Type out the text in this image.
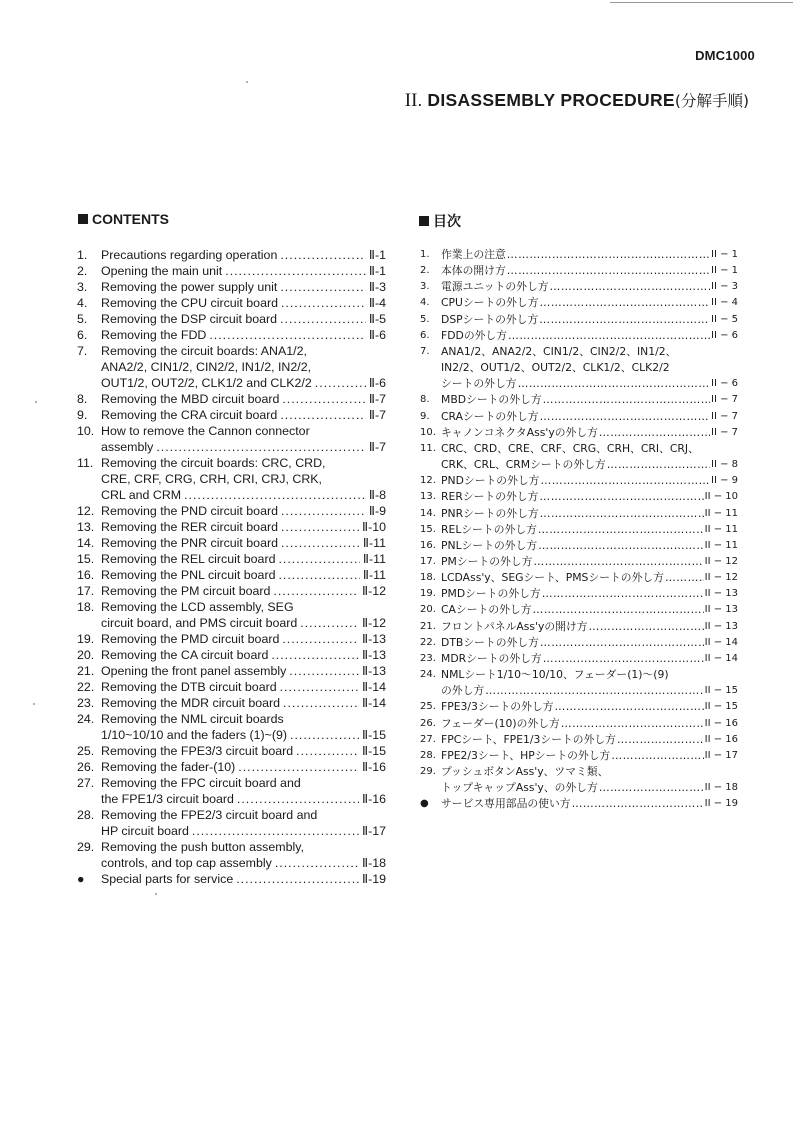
DMC1000
II. DISASSEMBLY PROCEDURE(分解手順)
CONTENTS	目次
1.	Precautions regarding operation .....	Ⅱ-1
2.	Opening the main unit .....	Ⅱ-1
3.	Removing the power supply unit .....	Ⅱ-3
4.	Removing the CPU circuit board .....	Ⅱ-4
5.	Removing the DSP circuit board .....	Ⅱ-5
6.	Removing the FDD .....	Ⅱ-6
7.	Removing the circuit boards: ANA1/2,
ANA2/2, CIN1/2, CIN2/2, IN1/2, IN2/2,
OUT1/2, OUT2/2, CLK1/2 and CLK2/2 .....	Ⅱ-6
8.	Removing the MBD circuit board .....	Ⅱ-7
9.	Removing the CRA circuit board .....	Ⅱ-7
10. How to remove the Cannon connector
assembly .....	Ⅱ-7
11. Removing the circuit boards: CRC, CRD,
CRE, CRF, CRG, CRH, CRI, CRJ, CRK,
CRL and CRM .....	Ⅱ-8
12. Removing the PND circuit board .....	Ⅱ-9
13. Removing the RER circuit board .....	Ⅱ-10
14. Removing the PNR circuit board .....	Ⅱ-11
15. Removing the REL circuit board .....	Ⅱ-11
16. Removing the PNL circuit board .....	Ⅱ-11
17. Removing the PM circuit board .....	Ⅱ-12
18. Removing the LCD assembly, SEG
circuit board, and PMS circuit board .....	Ⅱ-12
19. Removing the PMD circuit board .....	Ⅱ-13
20. Removing the CA circuit board .....	Ⅱ-13
21. Opening the front panel assembly .....	Ⅱ-13
22. Removing the DTB circuit board .....	Ⅱ-14
23. Removing the MDR circuit board .....	Ⅱ-14
24. Removing the NML circuit boards
1/10~10/10 and the faders (1)~(9) .....	Ⅱ-15
25. Removing the FPE3/3 circuit board .....	Ⅱ-15
26. Removing the fader-(10) .....	Ⅱ-16
27. Removing the FPC circuit board and
the FPE1/3 circuit board .....	Ⅱ-16
28. Removing the FPE2/3 circuit board and
HP circuit board .....	Ⅱ-17
29. Removing the push button assembly,
controls, and top cap assembly .....	Ⅱ-18
●	Special parts for service .....	Ⅱ-19
1.	作業上の注意 …………………………………………………………………………………………………………………………	II − 1
2.	本体の開け方 …………………………………………………………………………………………………………………………	II − 1
3.	電源ユニットの外し方 …………………………………………………………………………………………………………………………	II − 3
4.	CPUシートの外し方 …………………………………………………………………………………………………………………………	II − 4
5.	DSPシートの外し方 …………………………………………………………………………………………………………………………	II − 5
6.	FDDの外し方 …………………………………………………………………………………………………………………………	II − 6
7.	ANA1/2、ANA2/2、CIN1/2、CIN2/2、IN1/2、
IN2/2、OUT1/2、OUT2/2、CLK1/2、CLK2/2
シートの外し方 …………………………………………………………………………………………………………………………	II − 6
8.	MBDシートの外し方 …………………………………………………………………………………………………………………………	II − 7
9.	CRAシートの外し方 …………………………………………………………………………………………………………………………	II − 7
10. キャノンコネクタAss'yの外し方 …………………………………………………………………………………………………………………………	II − 7
11. CRC、CRD、CRE、CRF、CRG、CRH、CRI、CRJ、
CRK、CRL、CRMシートの外し方 …………………………………………………………………………………………………………………………	II − 8
12. PNDシートの外し方 …………………………………………………………………………………………………………………………	II − 9
13. RERシートの外し方 …………………………………………………………………………………………………………………………	II − 10
14. PNRシートの外し方 …………………………………………………………………………………………………………………………	II − 11
15. RELシートの外し方 …………………………………………………………………………………………………………………………	II − 11
16. PNLシートの外し方 …………………………………………………………………………………………………………………………	II − 11
17. PMシートの外し方 …………………………………………………………………………………………………………………………	II − 12
18. LCDAss'y、SEGシート、PMSシートの外し方 …………………………………………………………………………………………………………………………	II − 12
19. PMDシートの外し方 …………………………………………………………………………………………………………………………	II − 13
20. CAシートの外し方 …………………………………………………………………………………………………………………………	II − 13
21. フロントパネルAss'yの開け方 …………………………………………………………………………………………………………………………	II − 13
22. DTBシートの外し方 …………………………………………………………………………………………………………………………	II − 14
23. MDRシートの外し方 …………………………………………………………………………………………………………………………	II − 14
24. NMLシート1/10〜10/10、フェーダー(1)〜(9)
の外し方 …………………………………………………………………………………………………………………………	II − 15
25. FPE3/3シートの外し方 …………………………………………………………………………………………………………………………	II − 15
26. フェーダー(10)の外し方 …………………………………………………………………………………………………………………………	II − 16
27. FPCシート、FPE1/3シートの外し方 …………………………………………………………………………………………………………………………	II − 16
28. FPE2/3シート、HPシートの外し方 …………………………………………………………………………………………………………………………	II − 17
29. プッシュボタンAss'y、ツマミ類、
トップキャップAss'y、の外し方 …………………………………………………………………………………………………………………………	II − 18
●	サービス専用部品の使い方 …………………………………………………………………………………………………………………………	II − 19
